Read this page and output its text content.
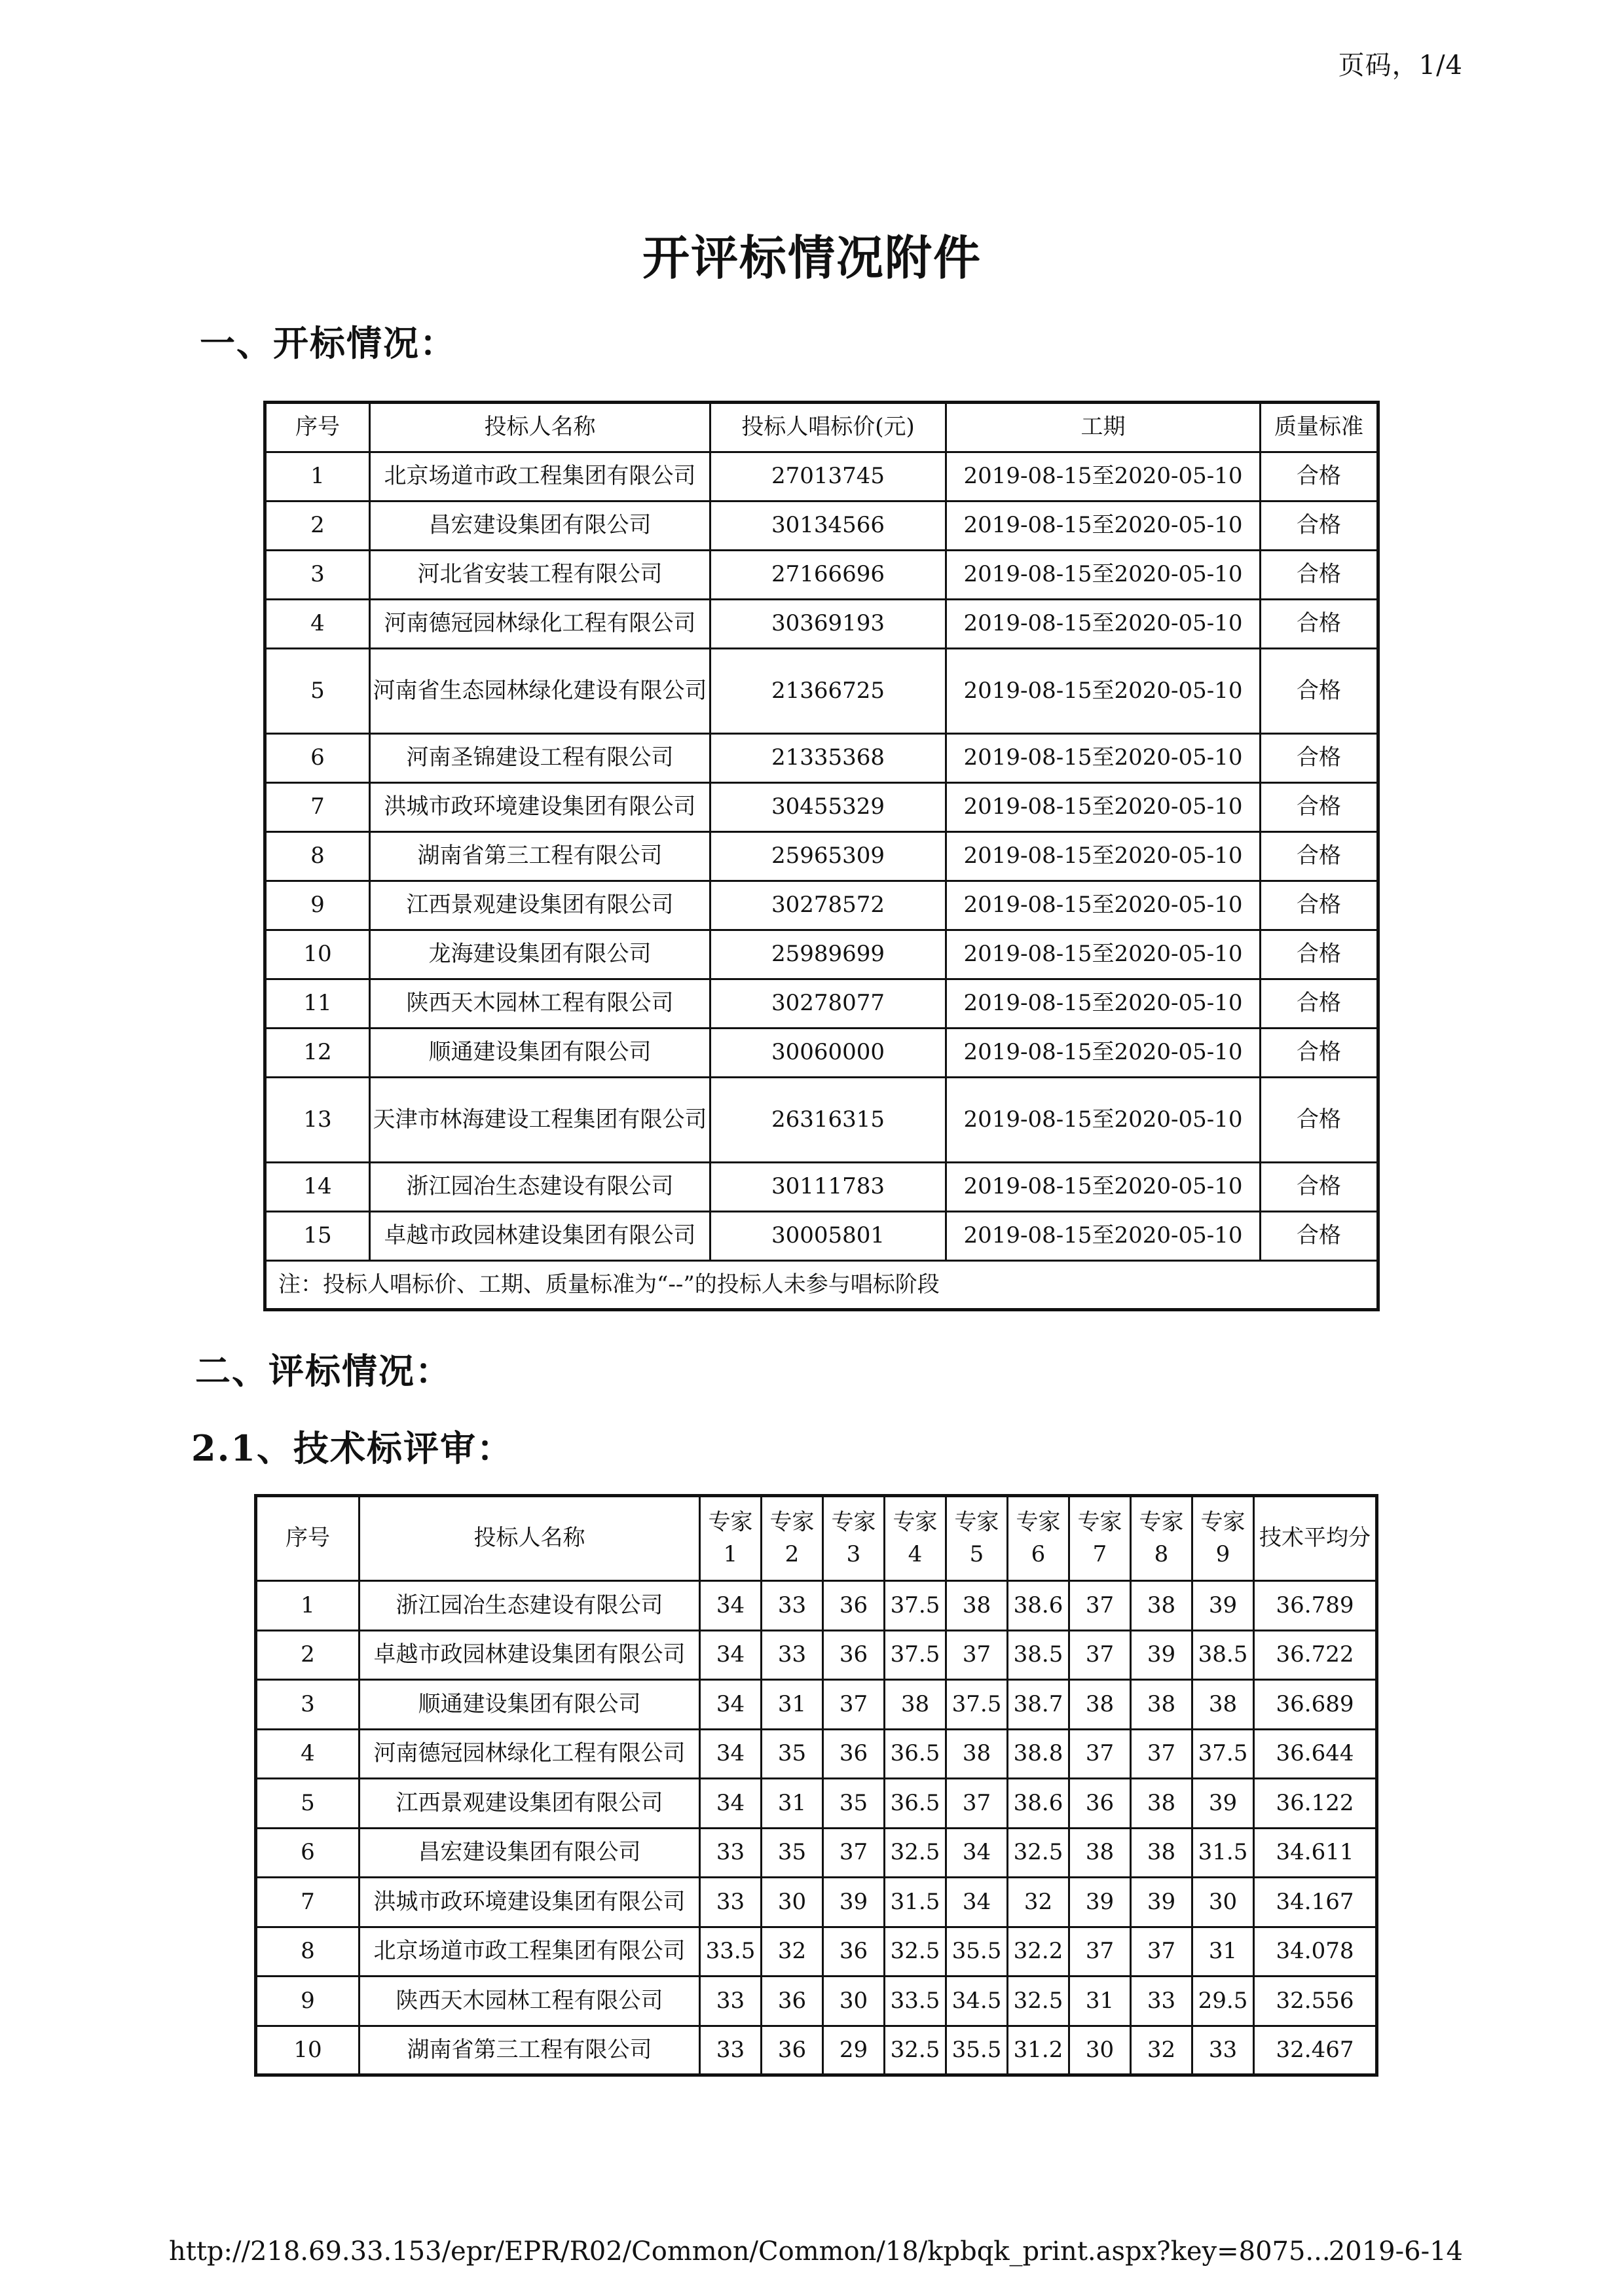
页码，1/4
开评标情况附件
一、开标情况：
序号	投标人名称	投标人唱标价(元)	工期	质量标准
1	北京场道市政工程集团有限公司	27013745	2019-08-15至2020-05-10	合格
2	昌宏建设集团有限公司	30134566	2019-08-15至2020-05-10	合格
3	河北省安装工程有限公司	27166696	2019-08-15至2020-05-10	合格
4	河南德冠园林绿化工程有限公司	30369193	2019-08-15至2020-05-10	合格
5	河南省生态园林绿化建设有限公司	21366725	2019-08-15至2020-05-10	合格
6	河南圣锦建设工程有限公司	21335368	2019-08-15至2020-05-10	合格
7	洪城市政环境建设集团有限公司	30455329	2019-08-15至2020-05-10	合格
8	湖南省第三工程有限公司	25965309	2019-08-15至2020-05-10	合格
9	江西景观建设集团有限公司	30278572	2019-08-15至2020-05-10	合格
10	龙海建设集团有限公司	25989699	2019-08-15至2020-05-10	合格
11	陕西天木园林工程有限公司	30278077	2019-08-15至2020-05-10	合格
12	顺通建设集团有限公司	30060000	2019-08-15至2020-05-10	合格
13	天津市林海建设工程集团有限公司	26316315	2019-08-15至2020-05-10	合格
14	浙江园冶生态建设有限公司	30111783	2019-08-15至2020-05-10	合格
15	卓越市政园林建设集团有限公司	30005801	2019-08-15至2020-05-10	合格
注：投标人唱标价、工期、质量标准为“--”的投标人未参与唱标阶段				
二、评标情况：
2.1、技术标评审：
序号	投标人名称	专家1	专家2	专家3	专家4	专家5	专家6	专家7	专家8	专家9	技术平均分
1	浙江园冶生态建设有限公司	34	33	36	37.5	38	38.6	37	38	39	36.789
2	卓越市政园林建设集团有限公司	34	33	36	37.5	37	38.5	37	39	38.5	36.722
3	顺通建设集团有限公司	34	31	37	38	37.5	38.7	38	38	38	36.689
4	河南德冠园林绿化工程有限公司	34	35	36	36.5	38	38.8	37	37	37.5	36.644
5	江西景观建设集团有限公司	34	31	35	36.5	37	38.6	36	38	39	36.122
6	昌宏建设集团有限公司	33	35	37	32.5	34	32.5	38	38	31.5	34.611
7	洪城市政环境建设集团有限公司	33	30	39	31.5	34	32	39	39	30	34.167
8	北京场道市政工程集团有限公司	33.5	32	36	32.5	35.5	32.2	37	37	31	34.078
9	陕西天木园林工程有限公司	33	36	30	33.5	34.5	32.5	31	33	29.5	32.556
10	湖南省第三工程有限公司	33	36	29	32.5	35.5	31.2	30	32	33	32.467
http://218.69.33.153/epr/EPR/R02/Common/Common/18/kpbqk_print.aspx?key=8075...
2019-6-14
